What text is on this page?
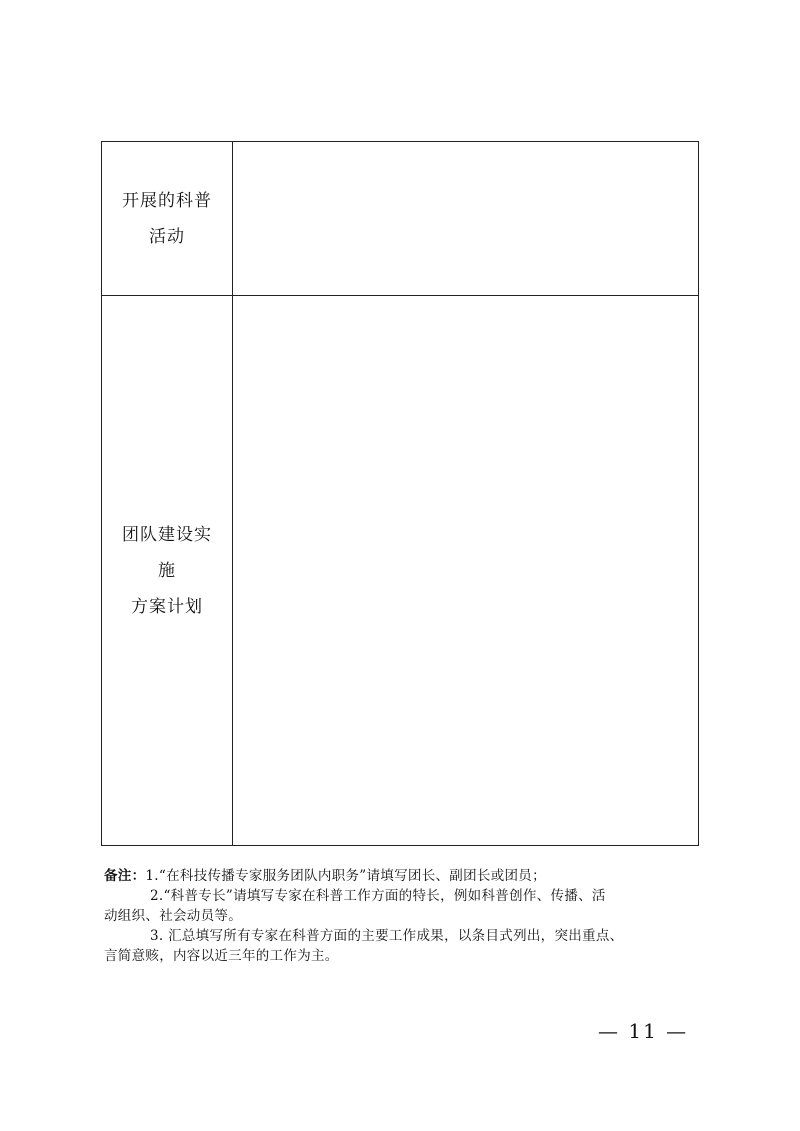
开展的科普
活动
团队建设实施
方案计划
备注：1.“在科技传播专家服务团队内职务”请填写团长、副团长或团员；
2.“科普专长”请填写专家在科普工作方面的特长，例如科普创作、传播、活
动组织、社会动员等。
3. 汇总填写所有专家在科普方面的主要工作成果，以条目式列出，突出重点、
言简意赅，内容以近三年的工作为主。
— 11 —
